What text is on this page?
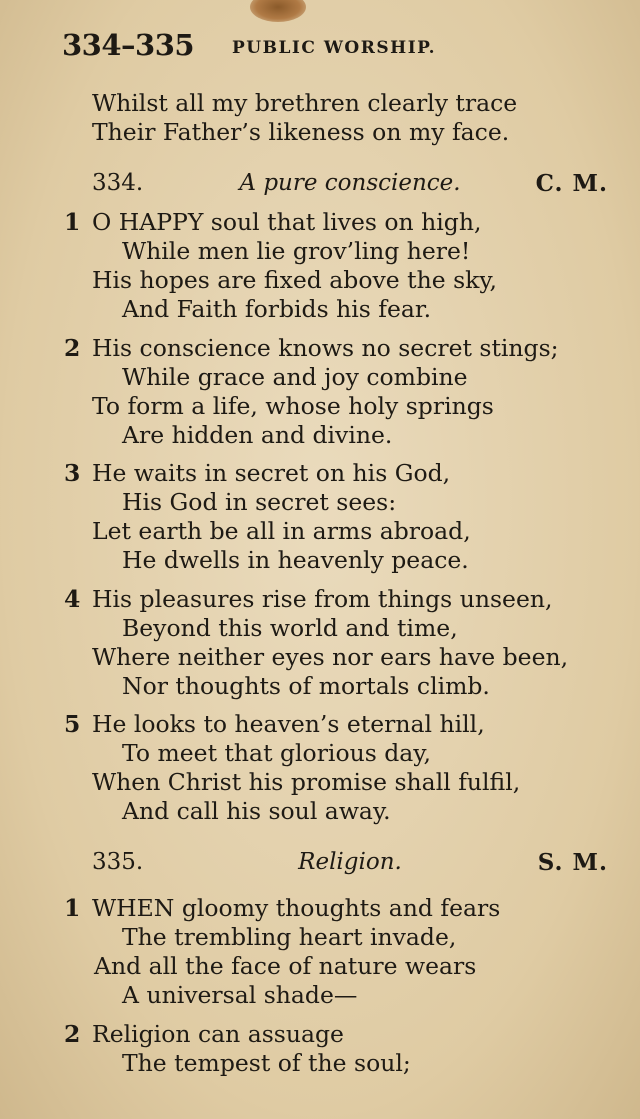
334–335 PUBLIC WORSHIP.
Whilst all my brethren clearly trace
Their Father’s likeness on my face.
334.	A pure conscience.	C. M.
1 O HAPPY soul that lives on high,
While men lie grov’ling here!
His hopes are fixed above the sky,
And Faith forbids his fear.
2 His conscience knows no secret stings;
While grace and joy combine
To form a life, whose holy springs
Are hidden and divine.
3 He waits in secret on his God,
His God in secret sees:
Let earth be all in arms abroad,
He dwells in heavenly peace.
4 His pleasures rise from things unseen,
Beyond this world and time,
Where neither eyes nor ears have been,
Nor thoughts of mortals climb.
5 He looks to heaven’s eternal hill,
To meet that glorious day,
When Christ his promise shall fulfil,
And call his soul away.
335.	Religion.	S. M.
1 WHEN gloomy thoughts and fears
The trembling heart invade,
And all the face of nature wears
A universal shade—
2 Religion can assuage
The tempest of the soul;
